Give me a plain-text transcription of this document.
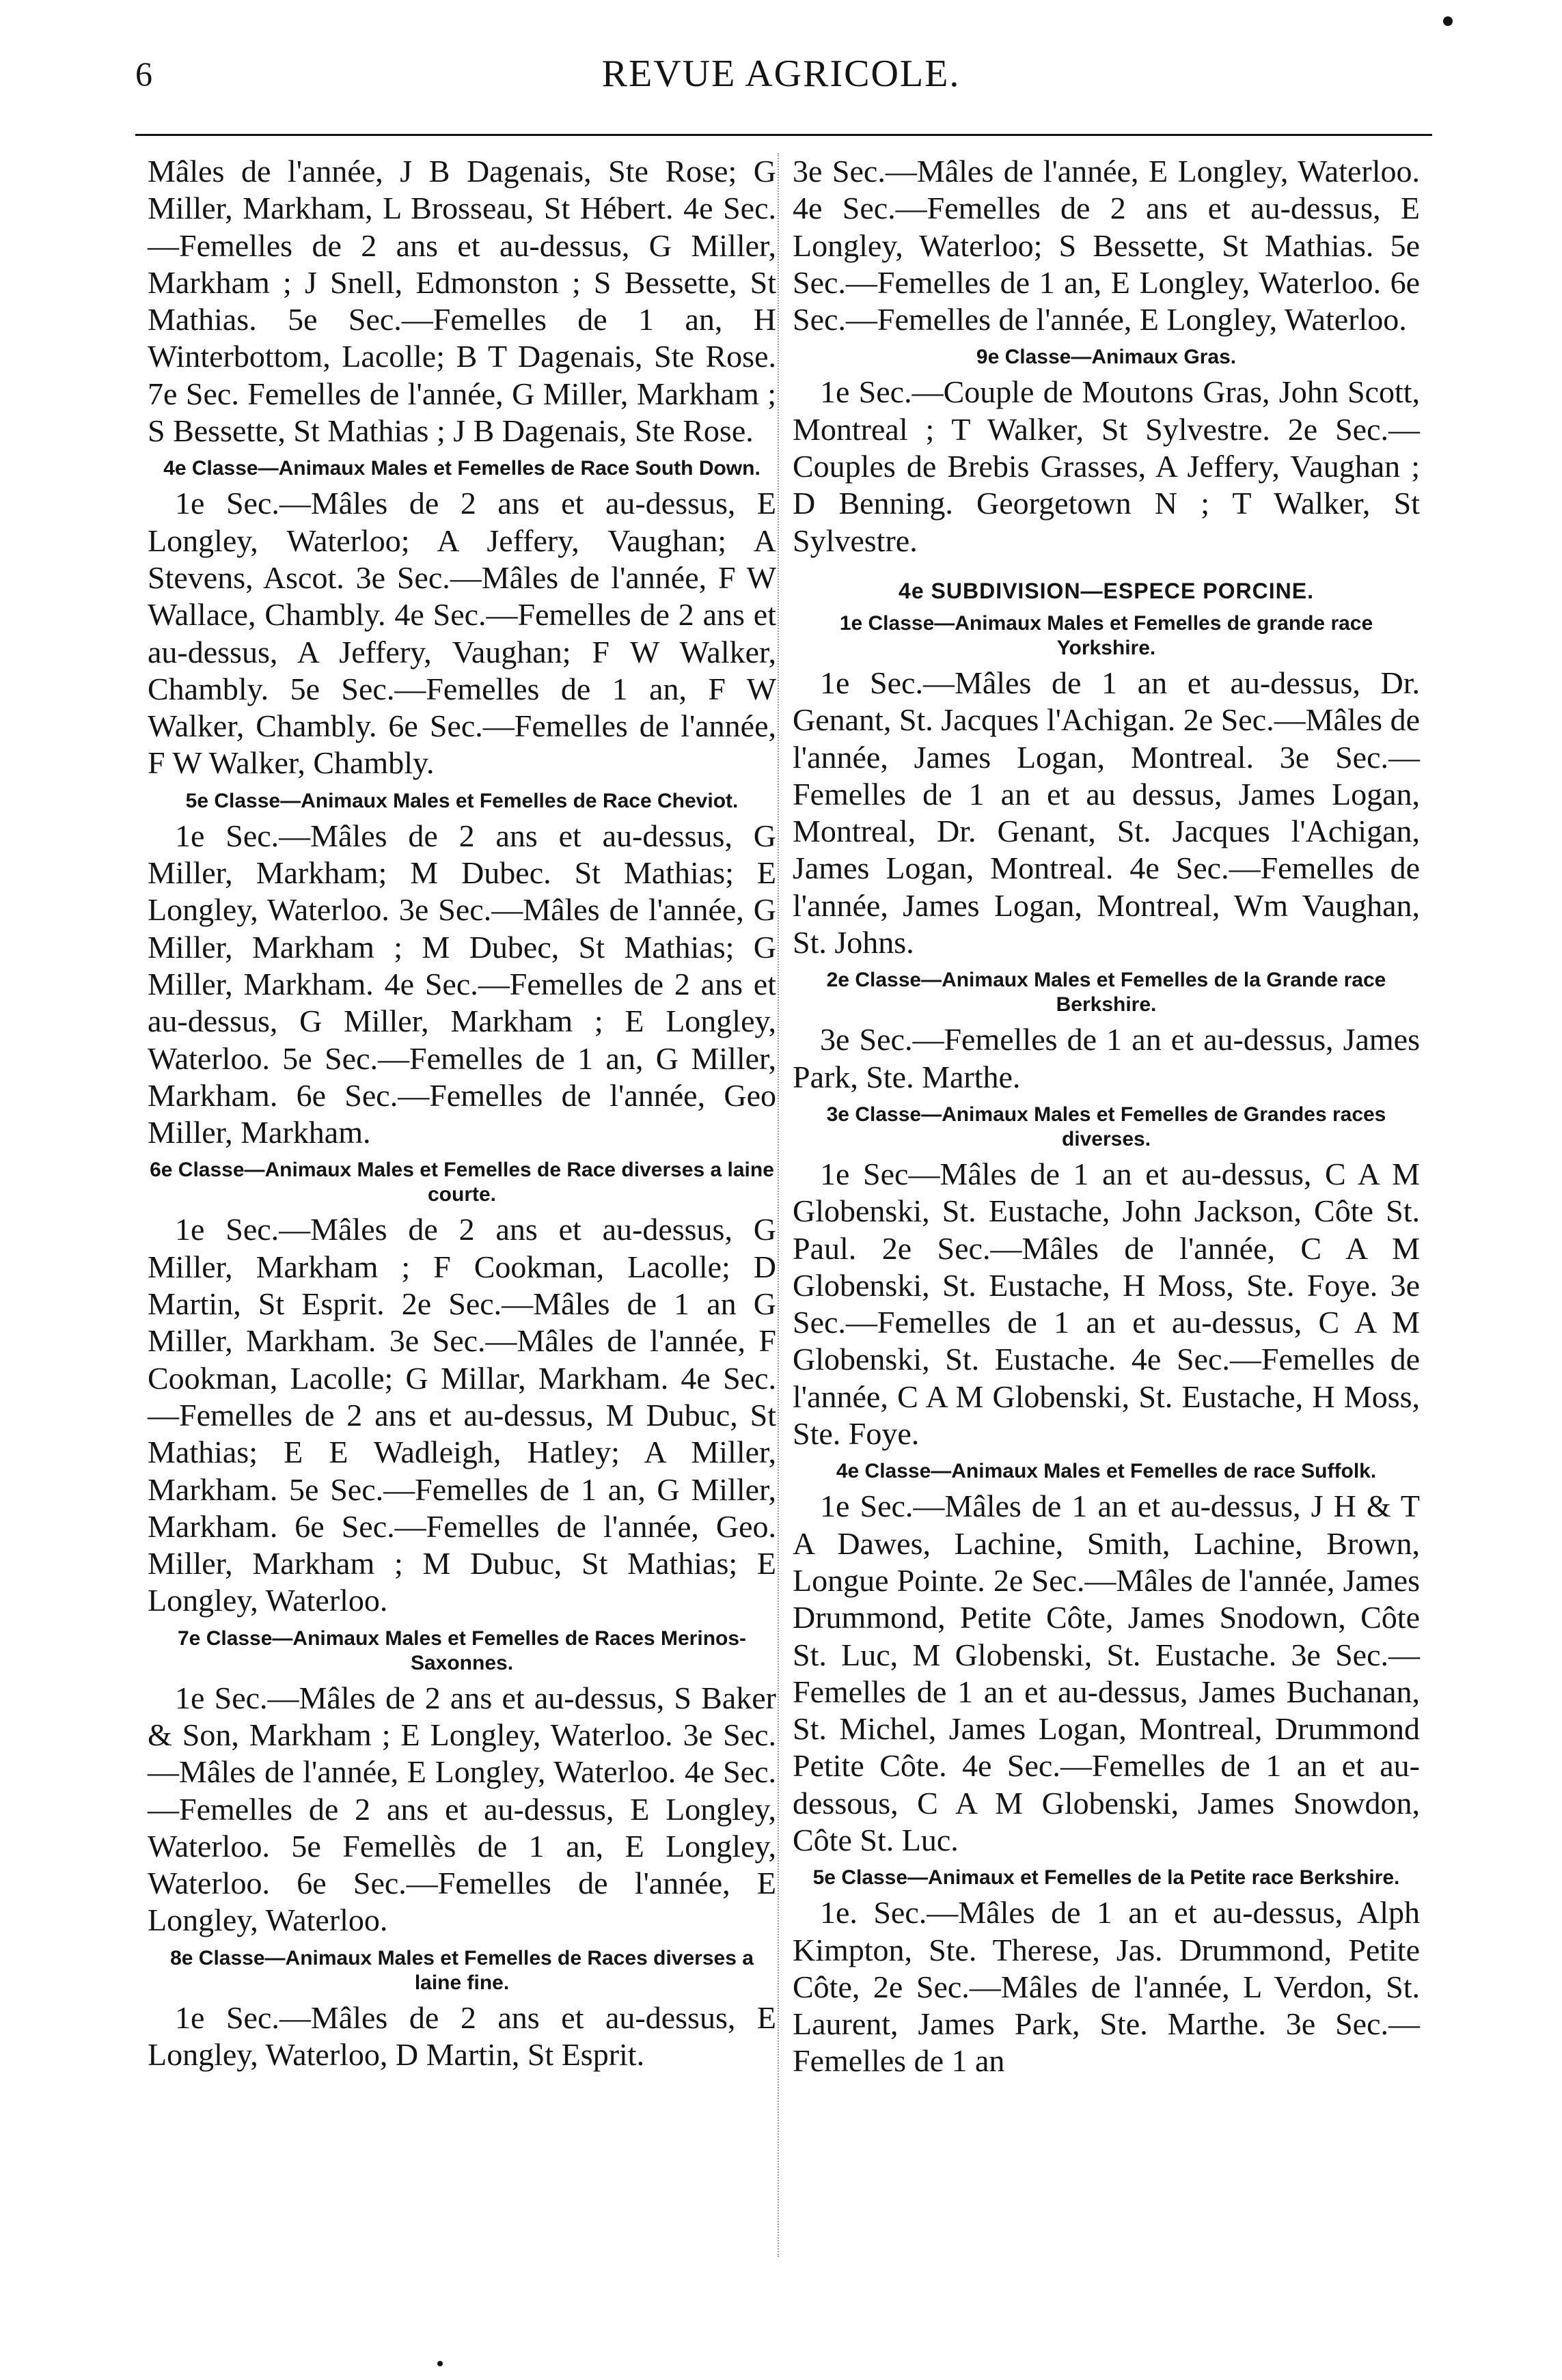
6	REVUE AGRICOLE.

Mâles de l'année, J B Dagenais, Ste Rose; G Miller, Markham, L Brosseau, St Hébert. 4e Sec.—Femelles de 2 ans et au-dessus, G Miller, Markham ; J Snell, Edmonston ; S Bessette, St Mathias. 5e Sec.—Femelles de 1 an, H Winterbottom, Lacolle; B T Dagenais, Ste Rose. 7e Sec. Femelles de l'année, G Miller, Markham ; S Bessette, St Mathias ; J B Dagenais, Ste Rose.

4e Classe—Animaux Males et Femelles de Race South Down.

1e Sec.—Mâles de 2 ans et au-dessus, E Longley, Waterloo; A Jeffery, Vaughan; A Stevens, Ascot. 3e Sec.—Mâles de l'année, F W Wallace, Chambly. 4e Sec.—Femelles de 2 ans et au-dessus, A Jeffery, Vaughan; F W Walker, Chambly. 5e Sec.—Femelles de 1 an, F W Walker, Chambly. 6e Sec.—Femelles de l'année, F W Walker, Chambly.

5e Classe—Animaux Males et Femelles de Race Cheviot.

1e Sec.—Mâles de 2 ans et au-dessus, G Miller, Markham; M Dubec. St Mathias; E Longley, Waterloo. 3e Sec.—Mâles de l'année, G Miller, Markham ; M Dubec, St Mathias; G Miller, Markham. 4e Sec.—Femelles de 2 ans et au-dessus, G Miller, Markham ; E Longley, Waterloo. 5e Sec.—Femelles de 1 an, G Miller, Markham. 6e Sec.—Femelles de l'année, Geo Miller, Markham.

6e Classe—Animaux Males et Femelles de Race diverses a laine courte.

1e Sec.—Mâles de 2 ans et au-dessus, G Miller, Markham ; F Cookman, Lacolle; D Martin, St Esprit. 2e Sec.—Mâles de 1 an G Miller, Markham. 3e Sec.—Mâles de l'année, F Cookman, Lacolle; G Millar, Markham. 4e Sec.—Femelles de 2 ans et au-dessus, M Dubuc, St Mathias; E E Wadleigh, Hatley; A Miller, Markham. 5e Sec.—Femelles de 1 an, G Miller, Markham. 6e Sec.—Femelles de l'année, Geo. Miller, Markham ; M Dubuc, St Mathias; E Longley, Waterloo.

7e Classe—Animaux Males et Femelles de Races Merinos-Saxonnes.

1e Sec.—Mâles de 2 ans et au-dessus, S Baker & Son, Markham ; E Longley, Waterloo. 3e Sec.—Mâles de l'année, E Longley, Waterloo. 4e Sec.—Femelles de 2 ans et au-dessus, E Longley, Waterloo. 5e Femellès de 1 an, E Longley, Waterloo. 6e Sec.—Femelles de l'année, E Longley, Waterloo.

8e Classe—Animaux Males et Femelles de Races diverses a laine fine.

1e Sec.—Mâles de 2 ans et au-dessus, E Longley, Waterloo, D Martin, St Esprit.

3e Sec.—Mâles de l'année, E Longley, Waterloo. 4e Sec.—Femelles de 2 ans et au-dessus, E Longley, Waterloo; S Bessette, St Mathias. 5e Sec.—Femelles de 1 an, E Longley, Waterloo. 6e Sec.—Femelles de l'année, E Longley, Waterloo.

9e Classe—Animaux Gras.

1e Sec.—Couple de Moutons Gras, John Scott, Montreal ; T Walker, St Sylvestre. 2e Sec.—Couples de Brebis Grasses, A Jeffery, Vaughan ; D Benning. Georgetown N ; T Walker, St Sylvestre.

4e SUBDIVISION—ESPECE PORCINE.
1e Classe—Animaux Males et Femelles de grande race Yorkshire.

1e Sec.—Mâles de 1 an et au-dessus, Dr. Genant, St. Jacques l'Achigan. 2e Sec.—Mâles de l'année, James Logan, Montreal. 3e Sec.—Femelles de 1 an et au dessus, James Logan, Montreal, Dr. Genant, St. Jacques l'Achigan, James Logan, Montreal. 4e Sec.—Femelles de l'année, James Logan, Montreal, Wm Vaughan, St. Johns.

2e Classe—Animaux Males et Femelles de la Grande race Berkshire.

3e Sec.—Femelles de 1 an et au-dessus, James Park, Ste. Marthe.

3e Classe—Animaux Males et Femelles de Grandes races diverses.

1e Sec—Mâles de 1 an et au-dessus, C A M Globenski, St. Eustache, John Jackson, Côte St. Paul. 2e Sec.—Mâles de l'année, C A M Globenski, St. Eustache, H Moss, Ste. Foye. 3e Sec.—Femelles de 1 an et au-dessus, C A M Globenski, St. Eustache. 4e Sec.—Femelles de l'année, C A M Globenski, St. Eustache, H Moss, Ste. Foye.

4e Classe—Animaux Males et Femelles de race Suffolk.

1e Sec.—Mâles de 1 an et au-dessus, J H & T A Dawes, Lachine, Smith, Lachine, Brown, Longue Pointe. 2e Sec.—Mâles de l'année, James Drummond, Petite Côte, James Snodown, Côte St. Luc, M Globenski, St. Eustache. 3e Sec.—Femelles de 1 an et au-dessus, James Buchanan, St. Michel, James Logan, Montreal, Drummond Petite Côte. 4e Sec.—Femelles de 1 an et au-dessous, C A M Globenski, James Snowdon, Côte St. Luc.

5e Classe—Animaux et Femelles de la Petite race Berkshire.

1e. Sec.—Mâles de 1 an et au-dessus, Alph Kimpton, Ste. Therese, Jas. Drummond, Petite Côte, 2e Sec.—Mâles de l'année, L Verdon, St. Laurent, James Park, Ste. Marthe. 3e Sec.—Femelles de 1 an
